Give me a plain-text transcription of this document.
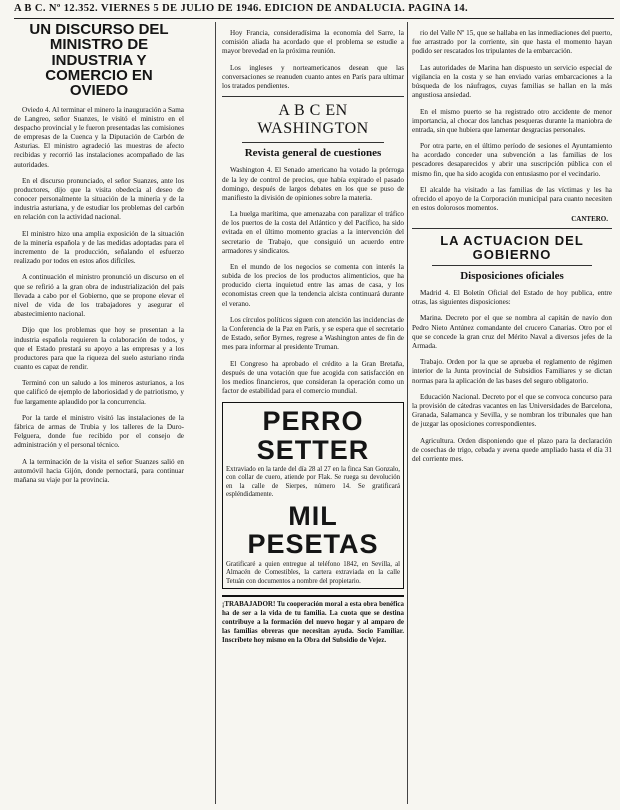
A B C. Nº 12.352. VIERNES 5 DE JULIO DE 1946. EDICION DE ANDALUCIA. PAGINA 14.
UN DISCURSO DEL MINISTRO DE INDUSTRIA Y COMERCIO EN OVIEDO

Oviedo 4. Al terminar el minero la inauguración a Sama de Langreo, señor Suanzes, le visitó el ministro en el despacho provincial y le fueron presentadas las comisiones de empresas de la Cuenca y la Diputación de Carbón de Asturias. El ministro agradeció las muestras de afecto recibidas y recorrió las instalaciones acompañado de las autoridades.

En el discurso pronunciado, el señor Suanzes, ante los productores, dijo que la visita obedecía al deseo de conocer personalmente la situación de la minería y de la industria asturiana, y de estudiar los problemas del carbón en relación con la actividad nacional.

El ministro hizo una amplia exposición de la situación de la minería española y de las medidas adoptadas para el incremento de la producción, señalando el esfuerzo realizado por todos en estos años difíciles.

A continuación el ministro pronunció un discurso en el que se refirió a la gran obra de industrialización del país llevada a cabo por el Gobierno, que se propone elevar el nivel de vida de los trabajadores y asegurar el abastecimiento nacional.

Dijo que los problemas que hoy se presentan a la industria española requieren la colaboración de todos, y que el Estado prestará su apoyo a las empresas y a los productores para que la riqueza del suelo asturiano rinda cuanto es capaz de rendir.

Terminó con un saludo a los mineros asturianos, a los que calificó de ejemplo de laboriosidad y de patriotismo, y fue largamente aplaudido por la concurrencia.

Por la tarde el ministro visitó las instalaciones de la fábrica de armas de Trubia y los talleres de la Duro-Felguera, donde fue recibido por el consejo de administración y el personal técnico.

A la terminación de la visita el señor Suanzes salió en automóvil hacia Gijón, donde pernoctará, para continuar mañana su viaje por la provincia.

Hoy Francia, consideradísima la economía del Sarre, la comisión aliada ha acordado que el problema se estudie a mayor brevedad en la próxima reunión.

Los ingleses y norteamericanos desean que las conversaciones se reanuden cuanto antes en París para ultimar los tratados pendientes.

A B C EN WASHINGTON
Revista general de cuestiones

Washington 4. El Senado americano ha votado la prórroga de la ley de control de precios, que había expirado el pasado domingo, después de largos debates en los que se puso de manifiesto la división de opiniones sobre la materia.

La huelga marítima, que amenazaba con paralizar el tráfico de los puertos de la costa del Atlántico y del Pacífico, ha sido evitada en el último momento gracias a la intervención del secretario de Trabajo, que consiguió un acuerdo entre armadores y sindicatos.

En el mundo de los negocios se comenta con interés la subida de los precios de los productos alimenticios, que ha producido cierta inquietud entre las amas de casa, y los economistas creen que la tendencia alcista continuará durante el verano.

Los círculos políticos siguen con atención las incidencias de la Conferencia de la Paz en París, y se espera que el secretario de Estado, señor Byrnes, regrese a Washington antes de fin de mes para informar al presidente Truman.

El Congreso ha aprobado el crédito a la Gran Bretaña, después de una votación que fue acogida con satisfacción en los medios financieros, que consideran la operación como un factor de estabilidad para el comercio mundial.

PERRO SETTER
Extraviado en la tarde del día 28 al 27 en la finca San Gonzalo, con collar de cuero, atiende por Flak. Se ruega su devolución en la calle de Sierpes, número 14. Se gratificará espléndidamente.
MIL PESETAS
Gratificaré a quien entregue al teléfono 1842, en Sevilla, al Almacén de Comestibles, la cartera extraviada en la calle Tetuán con documentos a nombre del propietario.
¡TRABAJADOR! Tu cooperación moral a esta obra benéfica ha de ser a la vida de tu familia. La cuota que se destina contribuye a la formación del nuevo hogar y al amparo de las familias obreras que necesitan ayuda. Socio Familiar. Inscríbete hoy mismo en la Obra del Subsidio de Vejez.

rio del Valle Nº 15, que se hallaba en las inmediaciones del puerto, fue arrastrado por la corriente, sin que hasta el momento hayan podido ser rescatados los tripulantes de la embarcación.

Las autoridades de Marina han dispuesto un servicio especial de vigilancia en la costa y se han enviado varias embarcaciones a la búsqueda de los náufragos, cuyas familias se hallan en la más angustiosa ansiedad.

En el mismo puerto se ha registrado otro accidente de menor importancia, al chocar dos lanchas pesqueras durante la maniobra de entrada, sin que hubiera que lamentar desgracias personales.

Por otra parte, en el último período de sesiones el Ayuntamiento ha acordado conceder una subvención a las familias de los pescadores desaparecidos y abrir una suscripción pública con el mismo fin, que ha sido acogida con entusiasmo por el vecindario.

El alcalde ha visitado a las familias de las víctimas y les ha ofrecido el apoyo de la Corporación municipal para cuanto necesiten en estos dolorosos momentos.

CANTERO.
LA ACTUACION DEL GOBIERNO
Disposiciones oficiales

Madrid 4. El Boletín Oficial del Estado de hoy publica, entre otras, las siguientes disposiciones:

Marina. Decreto por el que se nombra al capitán de navío don Pedro Nieto Antúnez comandante del crucero Canarias. Otro por el que se concede la gran cruz del Mérito Naval a diversos jefes de la Armada.

Trabajo. Orden por la que se aprueba el reglamento de régimen interior de la Junta provincial de Subsidios Familiares y se dictan normas para la aplicación de las bases del seguro obligatorio.

Educación Nacional. Decreto por el que se convoca concurso para la provisión de cátedras vacantes en las Universidades de Barcelona, Granada, Salamanca y Sevilla, y se nombran los tribunales que han de juzgar las oposiciones correspondientes.

Agricultura. Orden disponiendo que el plazo para la declaración de cosechas de trigo, cebada y avena quede ampliado hasta el día 31 del corriente mes.
